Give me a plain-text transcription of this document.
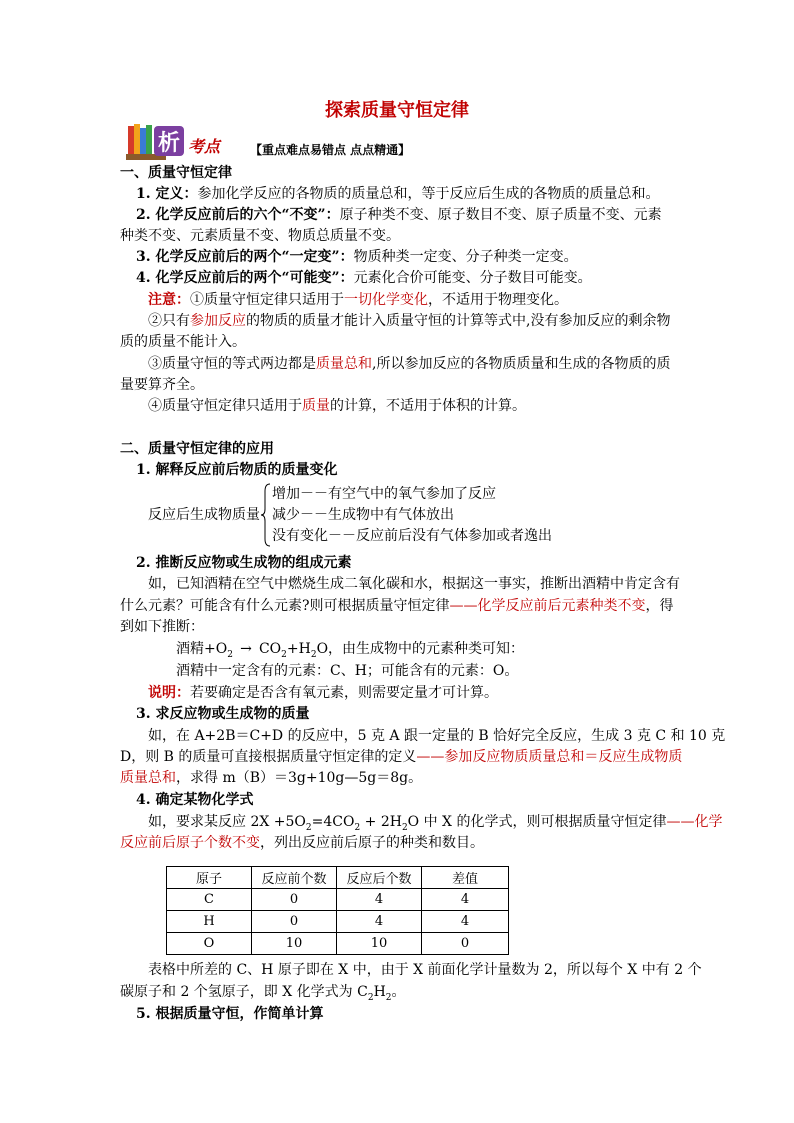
探索质量守恒定律
析 考点 【重点难点易错点 点点精通】
一、质量守恒定律
1. 定义：参加化学反应的各物质的质量总和，等于反应后生成的各物质的质量总和。
2. 化学反应前后的六个“不变”：原子种类不变、原子数目不变、原子质量不变、元素
种类不变、元素质量不变、物质总质量不变。
3. 化学反应前后的两个“一定变”：物质种类一定变、分子种类一定变。
4. 化学反应前后的两个“可能变”：元素化合价可能变、分子数目可能变。
注意：①质量守恒定律只适用于一切化学变化，不适用于物理变化。
②只有参加反应的物质的质量才能计入质量守恒的计算等式中,没有参加反应的剩余物
质的质量不能计入。
③质量守恒的等式两边都是质量总和,所以参加反应的各物质质量和生成的各物质的质
量要算齐全。
④质量守恒定律只适用于质量的计算，不适用于体积的计算。
二、质量守恒定律的应用
1. 解释反应前后物质的质量变化
反应后生成物质量
增加－－有空气中的氧气参加了反应
减少－－生成物中有气体放出
没有变化－－反应前后没有气体参加或者逸出
2. 推断反应物或生成物的组成元素
如，已知酒精在空气中燃烧生成二氧化碳和水，根据这一事实，推断出酒精中肯定含有
什么元素？可能含有什么元素?则可根据质量守恒定律——化学反应前后元素种类不变，得
到如下推断：
酒精$+O_2 \to CO_2+H_2O$，由生成物中的元素种类可知：
酒精中一定含有的元素：C、H；可能含有的元素：O。
说明：若要确定是否含有氧元素，则需要定量才可计算。
3. 求反应物或生成物的质量
如，在 A+2B＝C+D 的反应中，5 克 A 跟一定量的 B 恰好完全反应，生成 3 克 C 和 10 克
D，则 B 的质量可直接根据质量守恒定律的定义——参加反应物质质量总和＝反应生成物质
质量总和，求得 m（B）＝3g+10g—5g＝8g。
4. 确定某物化学式
如，要求某反应 $2X +5O_2=4CO_2 + 2H_2O$ 中 X 的化学式，则可根据质量守恒定律——化学
反应前后原子个数不变，列出反应前后原子的种类和数目。
原子	反应前个数	反应后个数	差值
C	0	4	4
H	0	4	4
O	10	10	0
表格中所差的 C、H 原子即在 X 中，由于 X 前面化学计量数为 2，所以每个 X 中有 2 个
碳原子和 2 个氢原子，即 X 化学式为 $C_2H_2$。
5. 根据质量守恒，作简单计算
